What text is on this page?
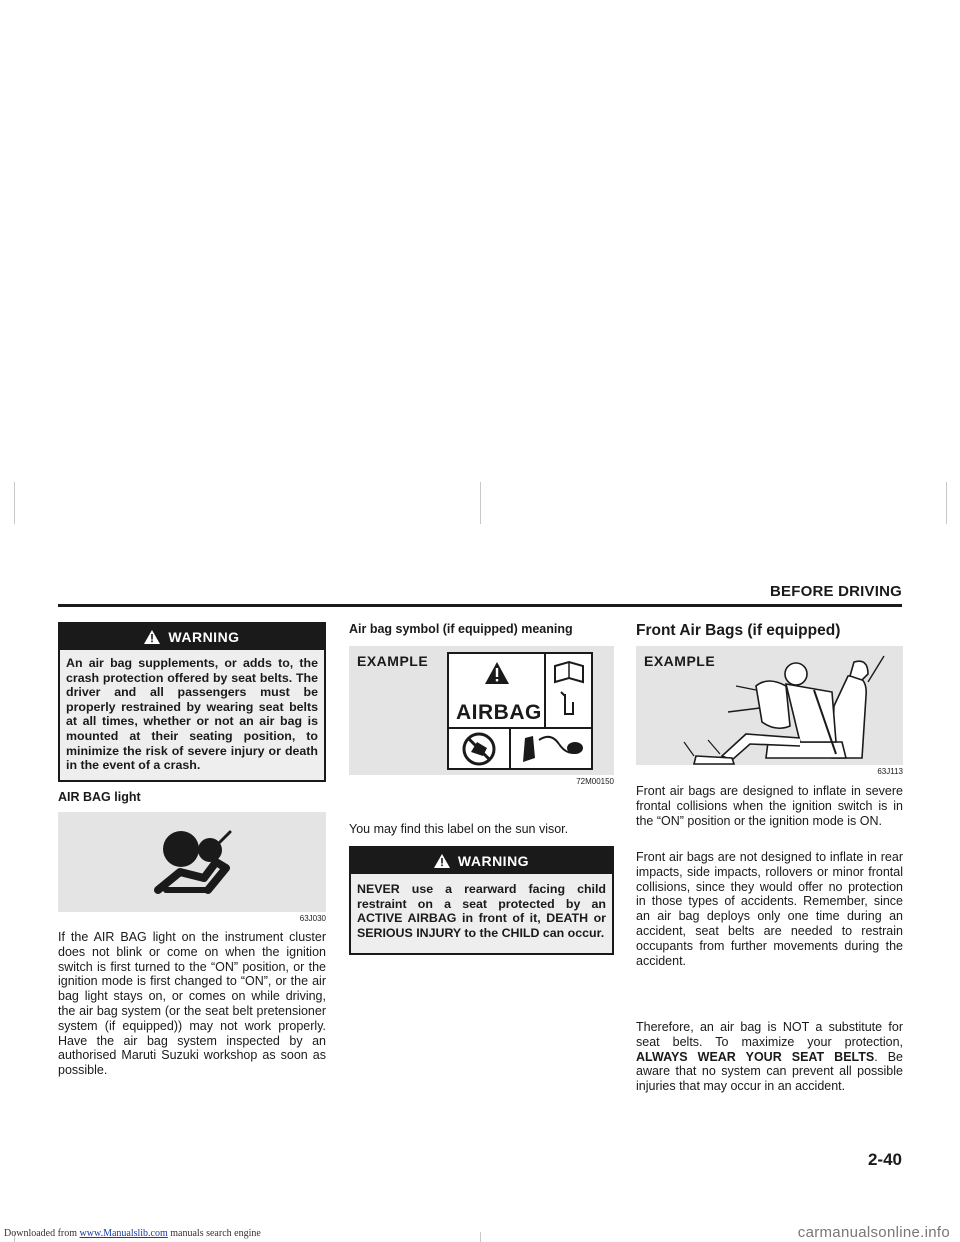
BEFORE DRIVING
WARNING
An air bag supplements, or adds to, the crash protection offered by seat belts. The driver and all passengers must be properly restrained by wearing seat belts at all times, whether or not an air bag is mounted at their seating position, to minimize the risk of severe injury or death in the event of a crash.
AIR BAG light
63J030
If the AIR BAG light on the instrument cluster does not blink or come on when the ignition switch is first turned to the “ON” position, or the ignition mode is first changed to “ON”, or the air bag light stays on, or comes on while driving, the air bag system (or the seat belt pretensioner system (if equipped)) may not work properly. Have the air bag system inspected by an authorised Maruti Suzuki workshop as soon as possible.
Air bag symbol (if equipped) meaning
EXAMPLE
AIRBAG
72M00150
You may find this label on the sun visor.
WARNING
NEVER use a rearward facing child restraint on a seat protected by an ACTIVE AIRBAG in front of it, DEATH or SERIOUS INJURY to the CHILD can occur.
Front Air Bags (if equipped)
EXAMPLE
63J113
Front air bags are designed to inflate in severe frontal collisions when the ignition switch is in the “ON” position or the ignition mode is ON.
Front air bags are not designed to inflate in rear impacts, side impacts, rollovers or minor frontal collisions, since they would offer no protection in those types of accidents. Remember, since an air bag deploys only one time during an accident, seat belts are needed to restrain occupants from further movements during the accident.
Therefore, an air bag is NOT a substitute for seat belts. To maximize your protection, ALWAYS WEAR YOUR SEAT BELTS. Be aware that no system can prevent all possible injuries that may occur in an accident.
2-40
Downloaded from www.Manualslib.com manuals search engine	carmanualsonline.info
